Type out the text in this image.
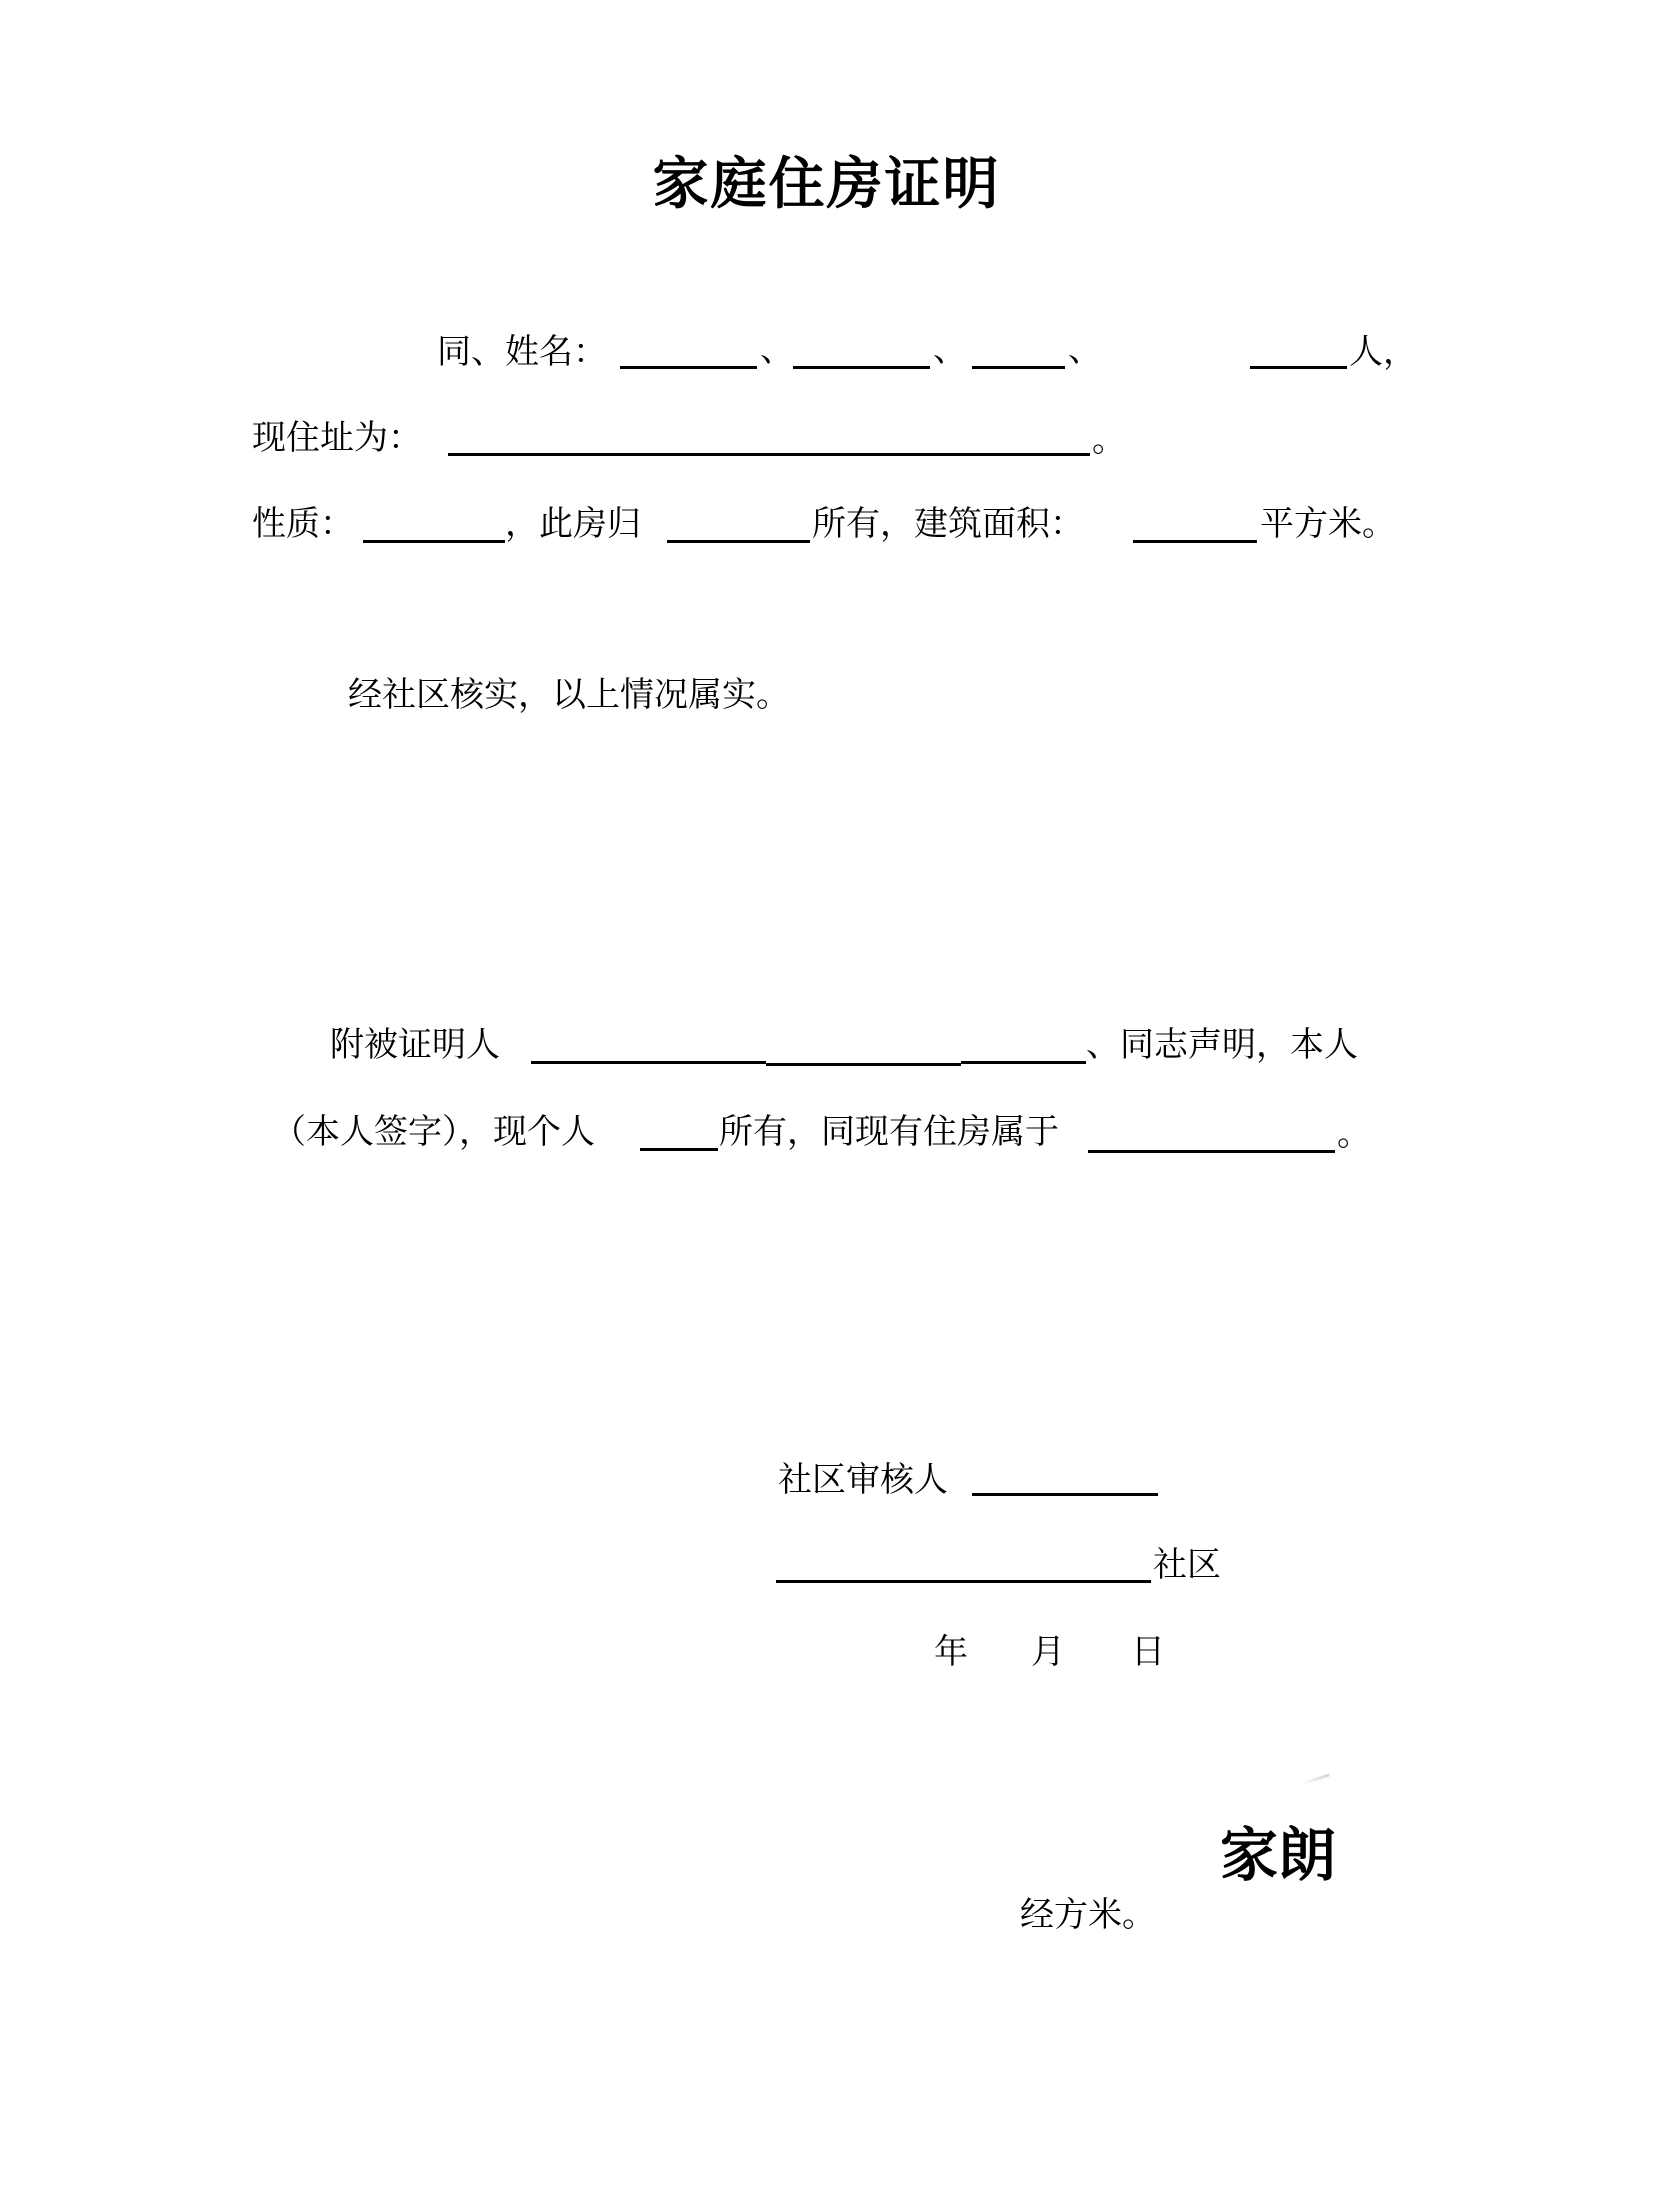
家庭住房证明
同、姓名：	、	、	、	人，
现住址为：	。
性质：	，此房归	所有，建筑面积：	平方米。
经社区核实，以上情况属实。
附被证明人	、同志声明，本人
（本人签字），现个人	所有，同现有住房属于	。
社区审核人
社区
年 月 日
家朗
经方米。
